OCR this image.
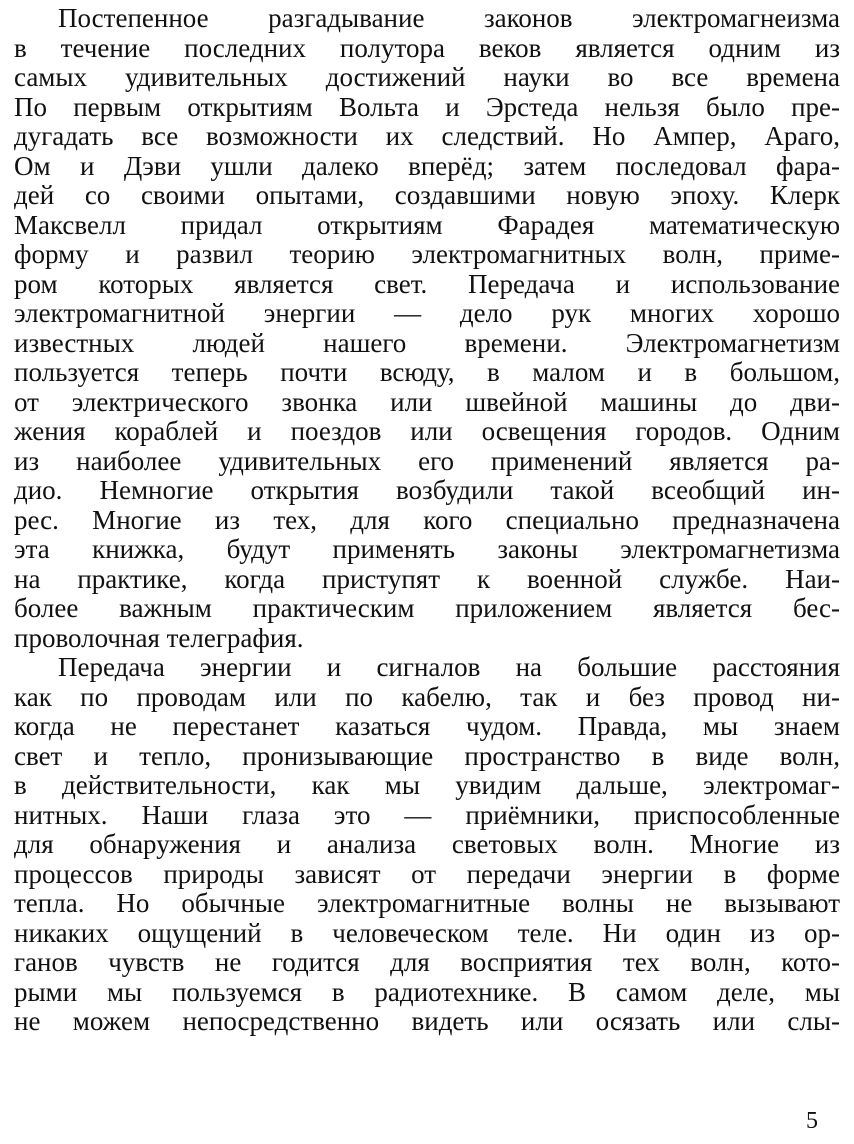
Постепенное разгадывание законов электромагнеизма
в течение последних полутора веков является одним из
самых удивительных достижений науки во все времена
По первым открытиям Вольта и Эрстеда нельзя было пре-
дугадать все возможности их следствий. Но Ампер, Араго,
Ом и Дэви ушли далеко вперёд; затем последовал фара-
дей со своими опытами, создавшими новую эпоху. Клерк
Максвелл придал открытиям Фарадея математическую
форму и развил теорию электромагнитных волн, приме-
ром которых является свет. Передача и использование
электромагнитной энергии — дело рук многих хорошо
известных людей нашего времени. Электромагнетизм
пользуется теперь почти всюду, в малом и в большом,
от электрического звонка или швейной машины до дви-
жения кораблей и поездов или освещения городов. Одним
из наиболее удивительных его применений является ра-
дио. Немногие открытия возбудили такой всеобщий ин-
рес. Многие из тех, для кого специально предназначена
эта книжка, будут применять законы электромагнетизма
на практике, когда приступят к военной службе. Наи-
более важным практическим приложением является бес-
проволочная телеграфия.
Передача энергии и сигналов на большие расстояния
как по проводам или по кабелю, так и без провод ни-
когда не перестанет казаться чудом. Правда, мы знаем
свет и тепло, пронизывающие пространство в виде волн,
в действительности, как мы увидим дальше, электромаг-
нитных. Наши глаза это — приёмники, приспособленные
для обнаружения и анализа световых волн. Многие из
процессов природы зависят от передачи энергии в форме
тепла. Но обычные электромагнитные волны не вызывают
никаких ощущений в человеческом теле. Ни один из ор-
ганов чувств не годится для восприятия тех волн, кото-
рыми мы пользуемся в радиотехнике. В самом деле, мы
не можем непосредственно видеть или осязать или слы-
5
